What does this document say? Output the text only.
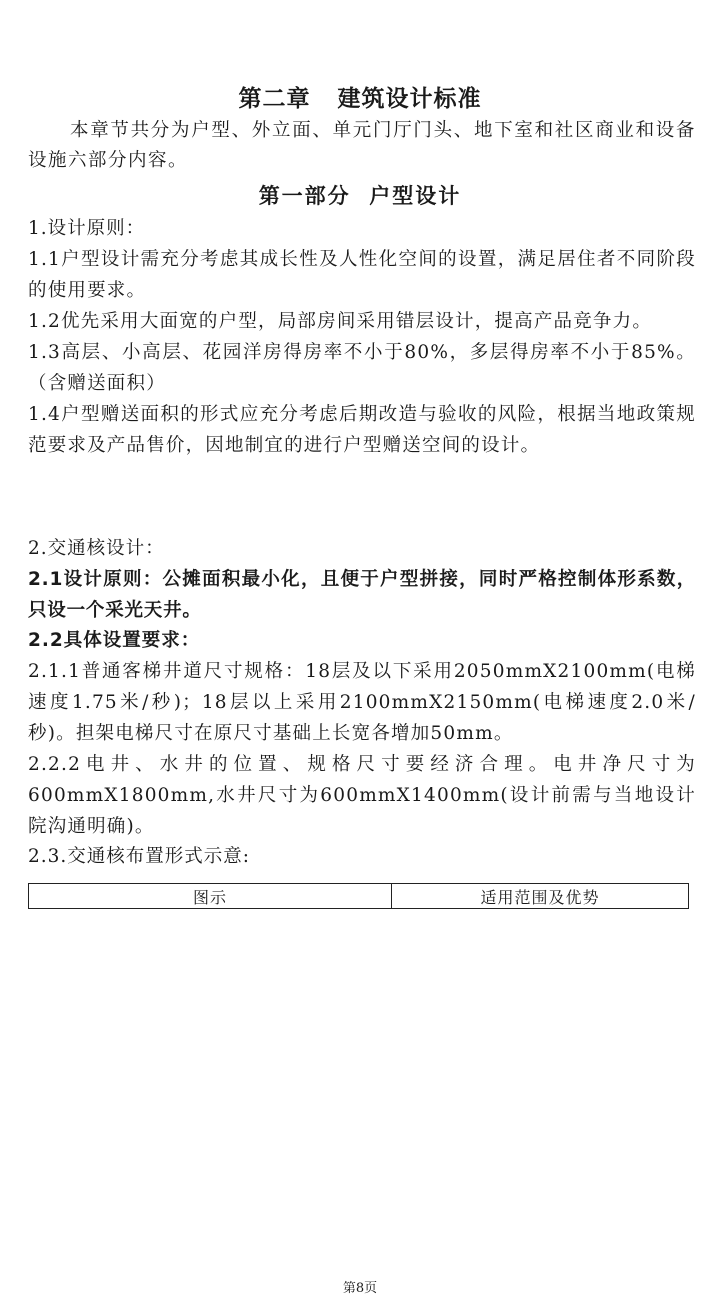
第二章   建筑设计标准

本章节共分为户型、外立面、单元门厅门头、地下室和社区商业和设备设施六部分内容。

第一部分  户型设计
1.设计原则：

1.1户型设计需充分考虑其成长性及人性化空间的设置，满足居住者不同阶段的使用要求。

1.2优先采用大面宽的户型，局部房间采用错层设计，提高产品竞争力。

1.3高层、小高层、花园洋房得房率不小于80%，多层得房率不小于85%。（含赠送面积）

1.4户型赠送面积的形式应充分考虑后期改造与验收的风险，根据当地政策规范要求及产品售价，因地制宜的进行户型赠送空间的设计。

2.交通核设计：

2.1设计原则：公摊面积最小化，且便于户型拼接，同时严格控制体形系数，只设一个采光天井。

2.2具体设置要求：

2.1.1普通客梯井道尺寸规格：18层及以下采用2050mmX2100mm(电梯速度1.75米/秒)；18层以上采用2100mmX2150mm(电梯速度2.0米/秒)。担架电梯尺寸在原尺寸基础上长宽各增加50mm。

2.2.2电井、水井的位置、规格尺寸要经济合理。电井净尺寸为600mmX1800mm,水井尺寸为600mmX1400mm(设计前需与当地设计院沟通明确)。

2.3.交通核布置形式示意:
图示	适用范围及优势
第8页
